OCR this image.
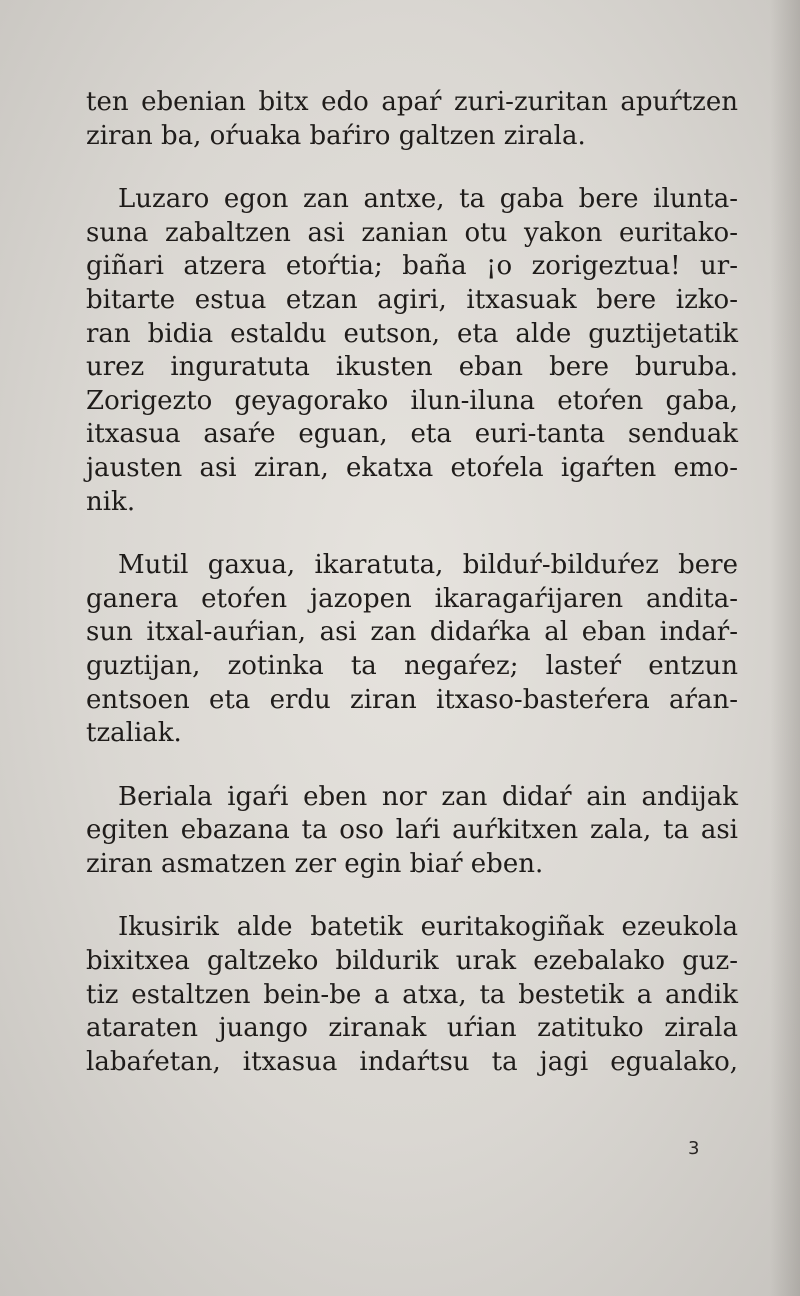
ten ebenian bitx edo apaŕ zuri-zuritan apuŕtzen
ziran ba, oŕuaka baŕiro galtzen zirala.
Luzaro egon zan antxe, ta gaba bere ilunta-
suna zabaltzen asi zanian otu yakon euritako-
giñari atzera etoŕtia; baña ¡o zorigeztua! ur-
bitarte estua etzan agiri, itxasuak bere izko-
ran bidia estaldu eutson, eta alde guztijetatik
urez inguratuta ikusten eban bere buruba.
Zorigezto geyagorako ilun-iluna etoŕen gaba,
itxasua asaŕe eguan, eta euri-tanta senduak
jausten asi ziran, ekatxa etoŕela igaŕten emo-
nik.
Mutil gaxua, ikaratuta, bilduŕ-bilduŕez bere
ganera etoŕen jazopen ikaragaŕijaren andita-
sun itxal-auŕian, asi zan didaŕka al eban indaŕ-
guztijan, zotinka ta negaŕez; lasteŕ entzun
entsoen eta erdu ziran itxaso-basteŕera aŕan-
tzaliak.
Beriala igaŕi eben nor zan didaŕ ain andijak
egiten ebazana ta oso laŕi auŕkitxen zala, ta asi
ziran asmatzen zer egin biaŕ eben.
Ikusirik alde batetik euritakogiñak ezeukola
bixitxea galtzeko bildurik urak ezebalako guz-
tiz estaltzen bein-be a atxa, ta bestetik a andik
ataraten juango ziranak uŕian zatituko zirala
labaŕetan, itxasua indaŕtsu ta jagi egualako,
3
